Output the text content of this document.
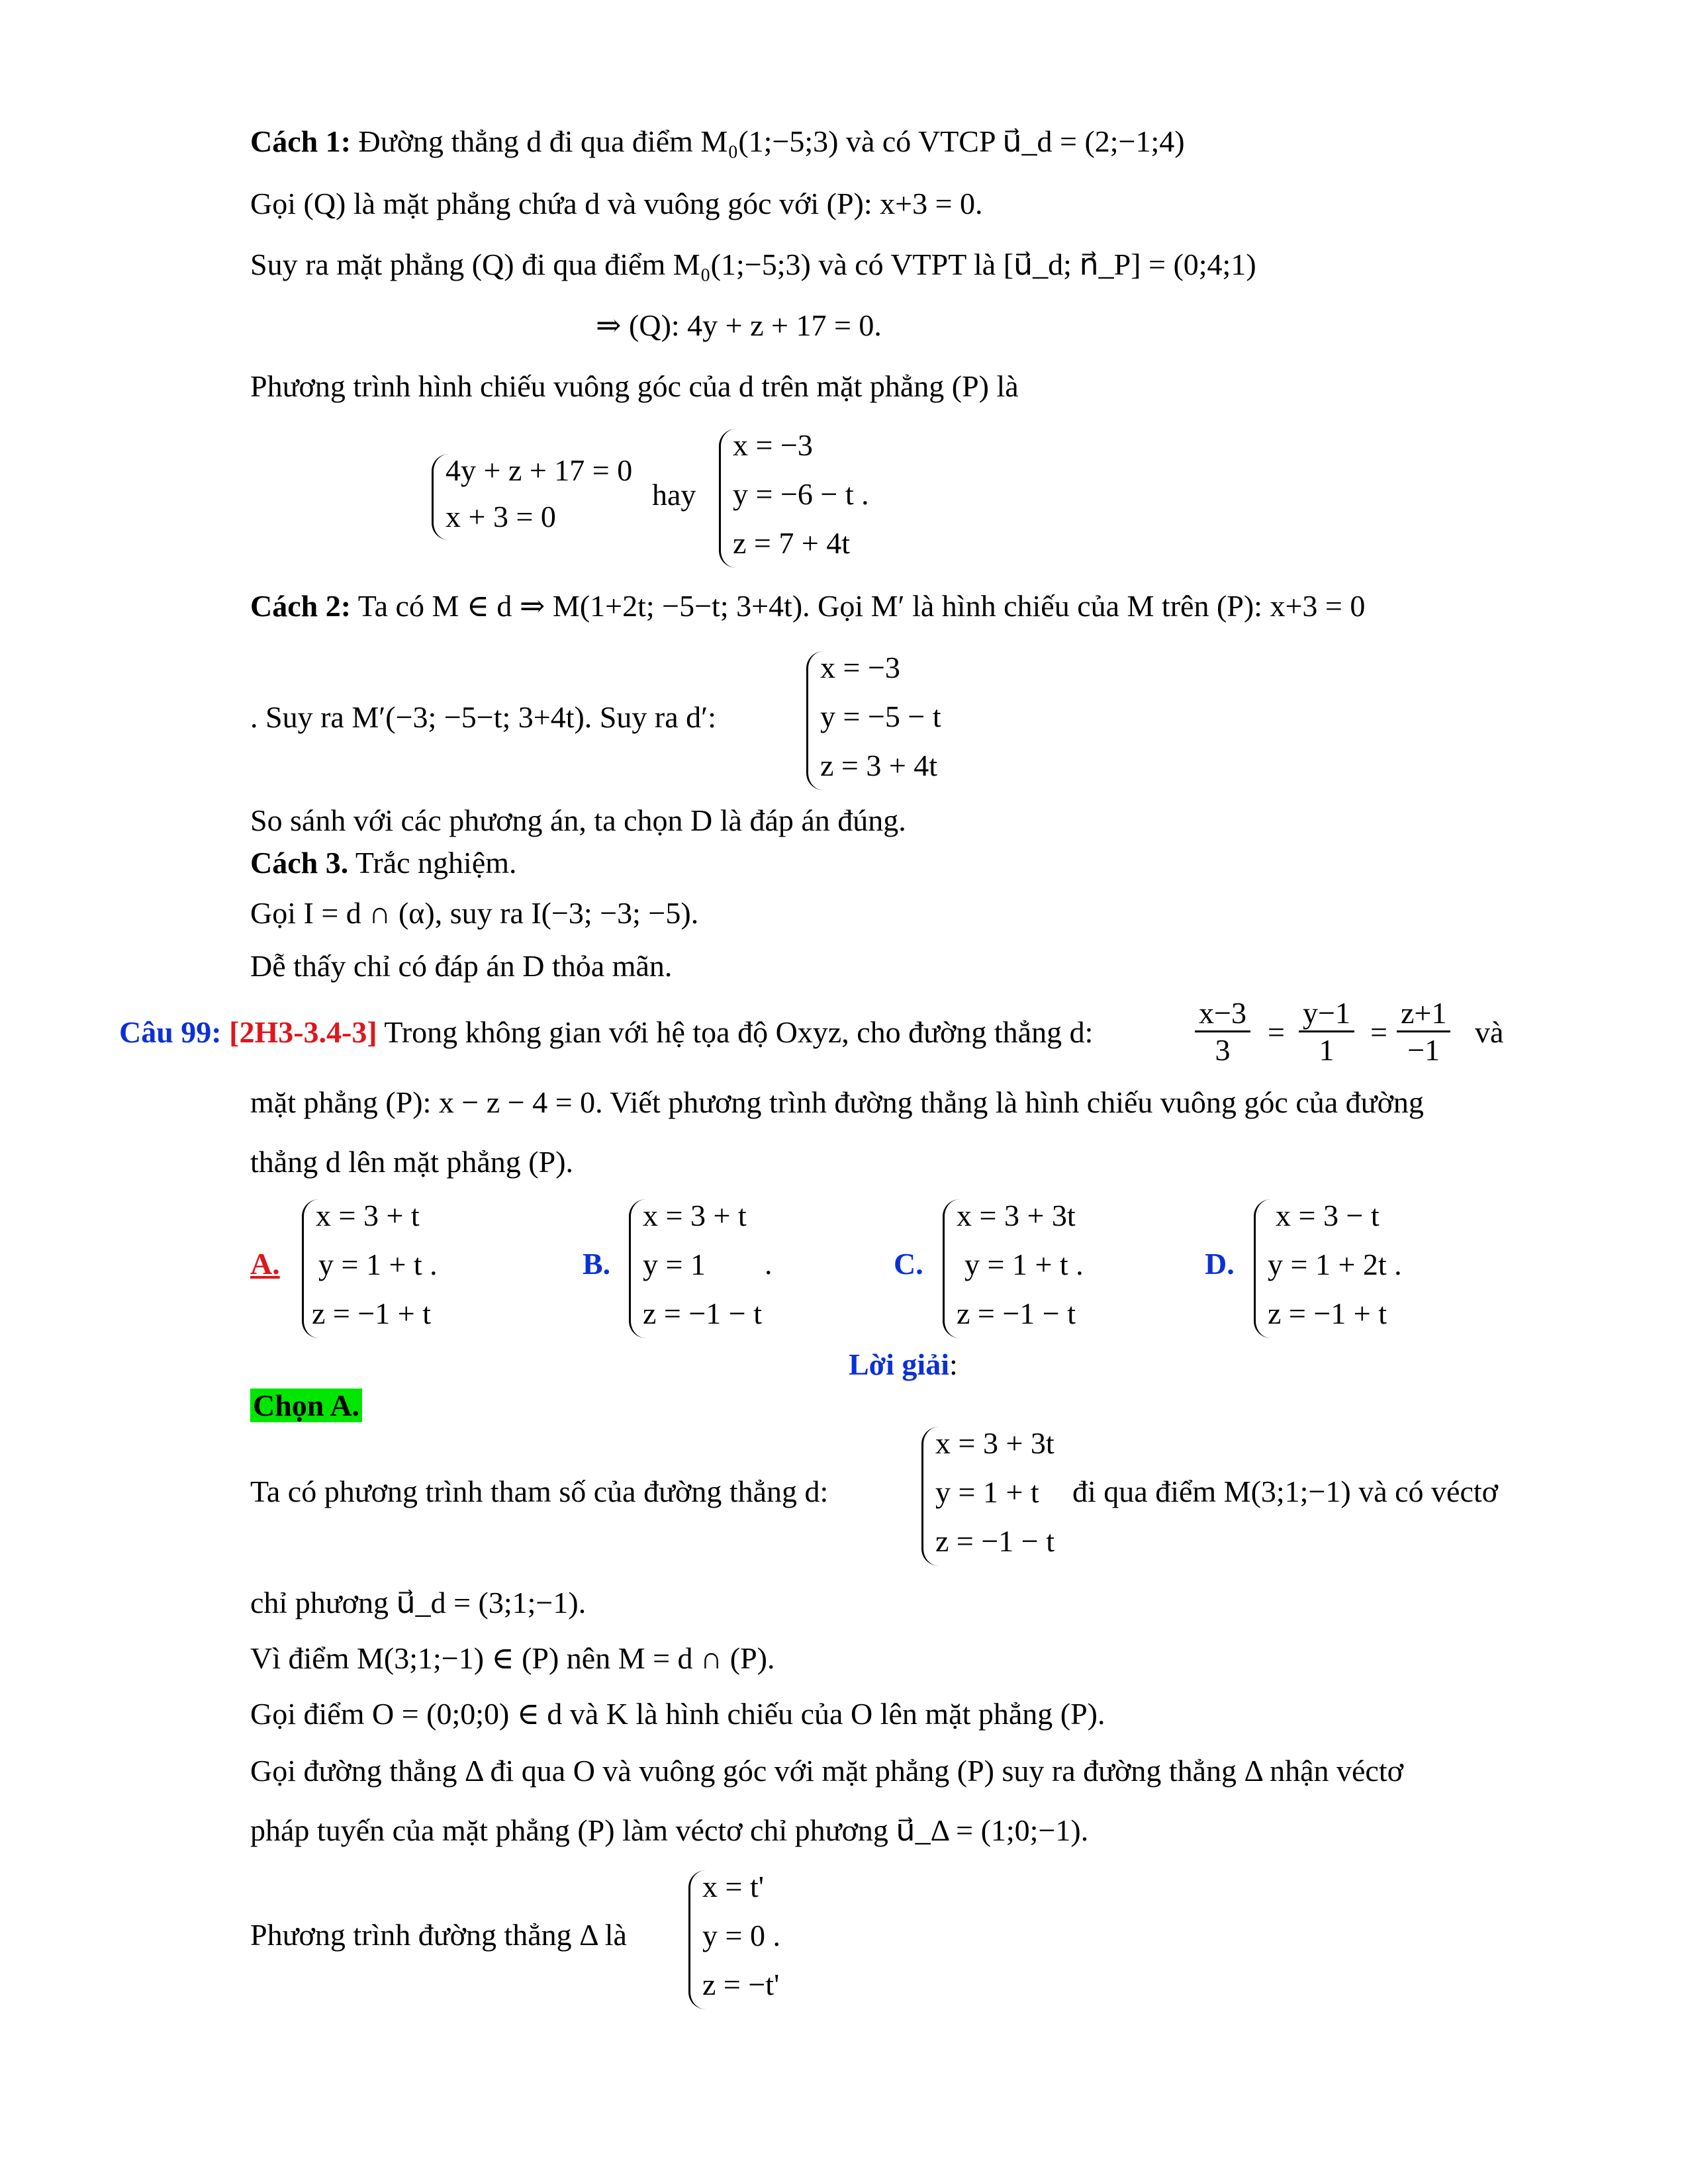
Cách 1: Đường thẳng d đi qua điểm M₀(1;−5;3) và có VTCP u⃗_d = (2;−1;4)
Gọi (Q) là mặt phẳng chứa d và vuông góc với (P): x+3 = 0.
Suy ra mặt phẳng (Q) đi qua điểm M₀(1;−5;3) và có VTPT là [u⃗_d; n⃗_P] = (0;4;1)
⇒ (Q): 4y + z + 17 = 0.
Phương trình hình chiếu vuông góc của d trên mặt phẳng (P) là
4y + z + 17 = 0
x + 3 = 0
hay
x = −3
y = −6 − t .
z = 7 + 4t
Cách 2: Ta có M ∈ d ⇒ M(1+2t; −5−t; 3+4t). Gọi M′ là hình chiếu của M trên (P): x+3 = 0
. Suy ra M′(−3; −5−t; 3+4t). Suy ra d′:
x = −3
y = −5 − t
z = 3 + 4t
So sánh với các phương án, ta chọn D là đáp án đúng.
Cách 3. Trắc nghiệm.
Gọi I = d ∩ (α), suy ra I(−3; −3; −5).
Dễ thấy chỉ có đáp án D thỏa mãn.
Câu 99: [2H3-3.4-3] Trong không gian với hệ tọa độ Oxyz, cho đường thẳng d:	$\frac{x-3}{3} = \frac{y-1}{1} = \frac{z+1}{-1}$ và
mặt phẳng (P): x − z − 4 = 0. Viết phương trình đường thẳng là hình chiếu vuông góc của đường
thẳng d lên mặt phẳng (P).
A.
x = 3 + t
y = 1 + t .
z = −1 + t
B.
x = 3 + t
y = 1
z = −1 − t
.	C.
x = 3 + 3t
y = 1 + t .
z = −1 − t
D.
x = 3 − t
y = 1 + 2t .
z = −1 + t
Lời giải:
Chọn A.
Ta có phương trình tham số của đường thẳng d:
x = 3 + 3t
y = 1 + t
z = −1 − t
đi qua điểm M(3;1;−1) và có véctơ
chỉ phương u⃗_d = (3;1;−1).
Vì điểm M(3;1;−1) ∈ (P) nên M = d ∩ (P).
Gọi điểm O = (0;0;0) ∈ d và K là hình chiếu của O lên mặt phẳng (P).
Gọi đường thẳng Δ đi qua O và vuông góc với mặt phẳng (P) suy ra đường thẳng Δ nhận véctơ
pháp tuyến của mặt phẳng (P) làm véctơ chỉ phương u⃗_Δ = (1;0;−1).
Phương trình đường thẳng Δ là
x = t'
y = 0 .
z = −t'
